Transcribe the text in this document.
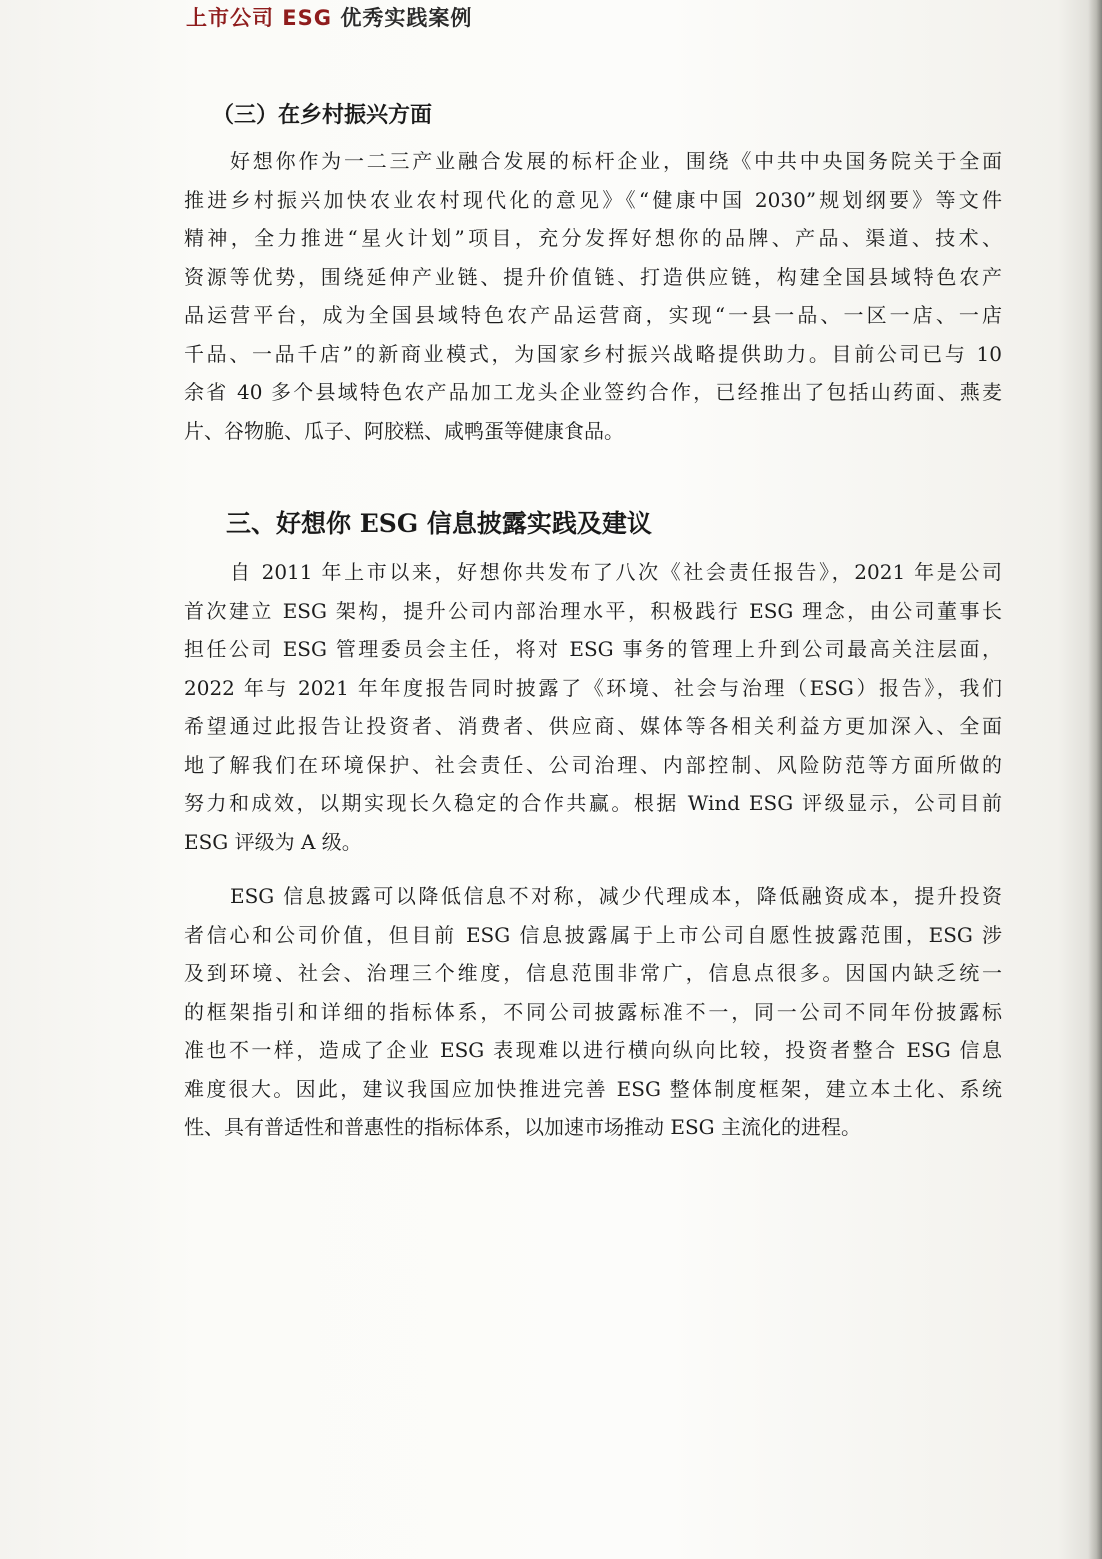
上市公司 ESG 优秀实践案例
（三）在乡村振兴方面
好想你作为一二三产业融合发展的标杆企业，围绕《中共中央国务院关于全面
推进乡村振兴加快农业农村现代化的意见》《“健康中国 2030”规划纲要》等文件
精神，全力推进“星火计划”项目，充分发挥好想你的品牌、产品、渠道、技术、
资源等优势，围绕延伸产业链、提升价值链、打造供应链，构建全国县域特色农产
品运营平台，成为全国县域特色农产品运营商，实现“一县一品、一区一店、一店
千品、一品千店”的新商业模式，为国家乡村振兴战略提供助力。目前公司已与 10
余省 40 多个县域特色农产品加工龙头企业签约合作，已经推出了包括山药面、燕麦
片、谷物脆、瓜子、阿胶糕、咸鸭蛋等健康食品。
三、好想你 ESG 信息披露实践及建议
自 2011 年上市以来，好想你共发布了八次《社会责任报告》，2021 年是公司
首次建立 ESG 架构，提升公司内部治理水平，积极践行 ESG 理念，由公司董事长
担任公司 ESG 管理委员会主任，将对 ESG 事务的管理上升到公司最高关注层面，
2022 年与 2021 年年度报告同时披露了《环境、社会与治理（ESG）报告》，我们
希望通过此报告让投资者、消费者、供应商、媒体等各相关利益方更加深入、全面
地了解我们在环境保护、社会责任、公司治理、内部控制、风险防范等方面所做的
努力和成效，以期实现长久稳定的合作共赢。根据 Wind ESG 评级显示，公司目前
ESG 评级为 A 级。
ESG 信息披露可以降低信息不对称，减少代理成本，降低融资成本，提升投资
者信心和公司价值，但目前 ESG 信息披露属于上市公司自愿性披露范围，ESG 涉
及到环境、社会、治理三个维度，信息范围非常广，信息点很多。因国内缺乏统一
的框架指引和详细的指标体系，不同公司披露标准不一，同一公司不同年份披露标
准也不一样，造成了企业 ESG 表现难以进行横向纵向比较，投资者整合 ESG 信息
难度很大。因此，建议我国应加快推进完善 ESG 整体制度框架，建立本土化、系统
性、具有普适性和普惠性的指标体系，以加速市场推动 ESG 主流化的进程。
